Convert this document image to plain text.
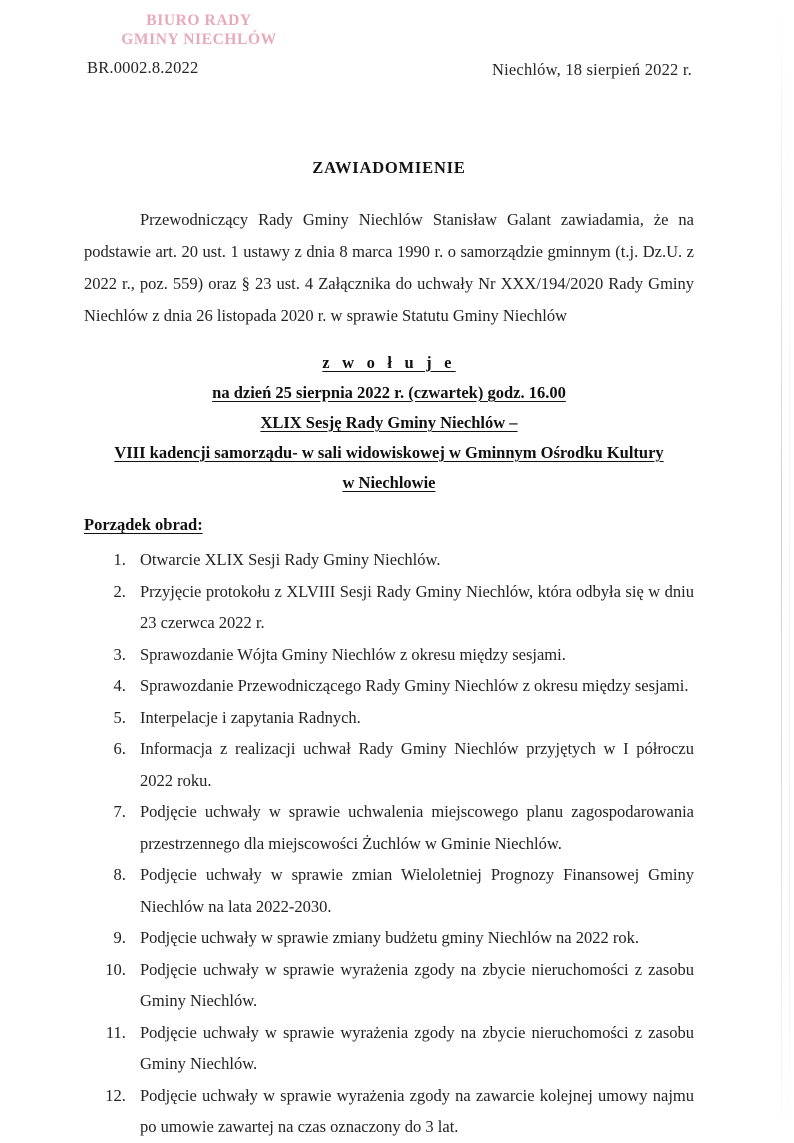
BIURO RADY
GMINY NIECHLÓW
BR.0002.8.2022	Niechlów, 18 sierpień 2022 r.
ZAWIADOMIENIE

Przewodniczący Rady Gminy Niechlów Stanisław Galant zawiadamia, że na podstawie art. 20 ust. 1 ustawy z dnia 8 marca 1990 r. o samorządzie gminnym (t.j. Dz.U. z 2022 r., poz. 559) oraz § 23 ust. 4 Załącznika do uchwały Nr XXX/194/2020 Rady Gminy Niechlów z dnia 26 listopada 2020 r. w sprawie Statutu Gminy Niechlów

z w o ł u j e
na dzień 25 sierpnia 2022 r. (czwartek) godz. 16.00
XLIX Sesję Rady Gminy Niechlów –
VIII kadencji samorządu- w sali widowiskowej w Gminnym Ośrodku Kultury
w Niechlowie
Porządek obrad:
1. Otwarcie XLIX Sesji Rady Gminy Niechlów.
2. Przyjęcie protokołu z XLVIII Sesji Rady Gminy Niechlów, która odbyła się w dniu 23 czerwca 2022 r.
3. Sprawozdanie Wójta Gminy Niechlów z okresu między sesjami.
4. Sprawozdanie Przewodniczącego Rady Gminy Niechlów z okresu między sesjami.
5. Interpelacje i zapytania Radnych.
6. Informacja z realizacji uchwał Rady Gminy Niechlów przyjętych w I półroczu 2022 roku.
7. Podjęcie uchwały w sprawie uchwalenia miejscowego planu zagospodarowania przestrzennego dla miejscowości Żuchlów w Gminie Niechlów.
8. Podjęcie uchwały w sprawie zmian Wieloletniej Prognozy Finansowej Gminy Niechlów na lata 2022-2030.
9. Podjęcie uchwały w sprawie zmiany budżetu gminy Niechlów na 2022 rok.
10. Podjęcie uchwały w sprawie wyrażenia zgody na zbycie nieruchomości z zasobu Gminy Niechlów.
11. Podjęcie uchwały w sprawie wyrażenia zgody na zbycie nieruchomości z zasobu Gminy Niechlów.
12. Podjęcie uchwały w sprawie wyrażenia zgody na zawarcie kolejnej umowy najmu po umowie zawartej na czas oznaczony do 3 lat.
